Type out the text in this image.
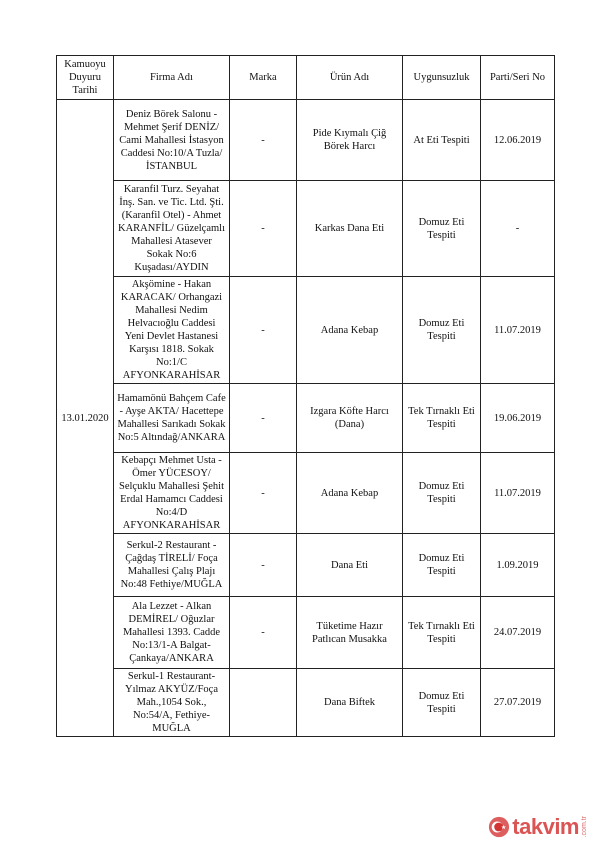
Kamuoyu Duyuru Tarihi	Firma Adı	Marka	Ürün Adı	Uygunsuzluk	Parti/Seri No
13.01.2020	Deniz Börek Salonu - Mehmet Şerif DENİZ/ Cami Mahallesi İstasyon Caddesi No:10/A Tuzla/İSTANBUL	-	Pide Kıymalı Çiğ Börek Harcı	At Eti Tespiti	12.06.2019
	Karanfil Turz. Seyahat İnş. San. ve Tic. Ltd. Şti. (Karanfil Otel) - Ahmet KARANFİL/ Güzelçamlı Mahallesi Atasever Sokak No:6 Kuşadası/AYDIN	-	Karkas Dana Eti	Domuz Eti Tespiti	-
	Akşömine - Hakan KARACAK/ Orhangazi Mahallesi Nedim Helvacıoğlu Caddesi Yeni Devlet Hastanesi Karşısı 1818. Sokak No:1/C AFYONKARAHİSAR	-	Adana Kebap	Domuz Eti Tespiti	11.07.2019
	Hamamönü Bahçem Cafe - Ayşe AKTA/ Hacettepe Mahallesi Sarıkadı Sokak No:5 Altındağ/ANKARA	-	Izgara Köfte Harcı (Dana)	Tek Tırnaklı Eti Tespiti	19.06.2019
	Kebapçı Mehmet Usta - Ömer YÜCESOY/ Selçuklu Mahallesi Şehit Erdal Hamamcı Caddesi No:4/D AFYONKARAHİSAR	-	Adana Kebap	Domuz Eti Tespiti	11.07.2019
	Serkul-2 Restaurant - Çağdaş TİRELİ/ Foça Mahallesi Çalış Plajı No:48 Fethiye/MUĞLA	-	Dana Eti	Domuz Eti Tespiti	1.09.2019
	Ala Lezzet - Alkan DEMİREL/ Oğuzlar Mahallesi 1393. Cadde No:13/1-A Balgat-Çankaya/ANKARA	-	Tüketime Hazır Patlıcan Musakka	Tek Tırnaklı Eti Tespiti	24.07.2019
	Serkul-1 Restaurant- Yılmaz AKYÜZ/Foça Mah.,1054 Sok., No:54/A, Fethiye- MUĞLA		Dana Biftek	Domuz Eti Tespiti	27.07.2019
takvim .com.tr
